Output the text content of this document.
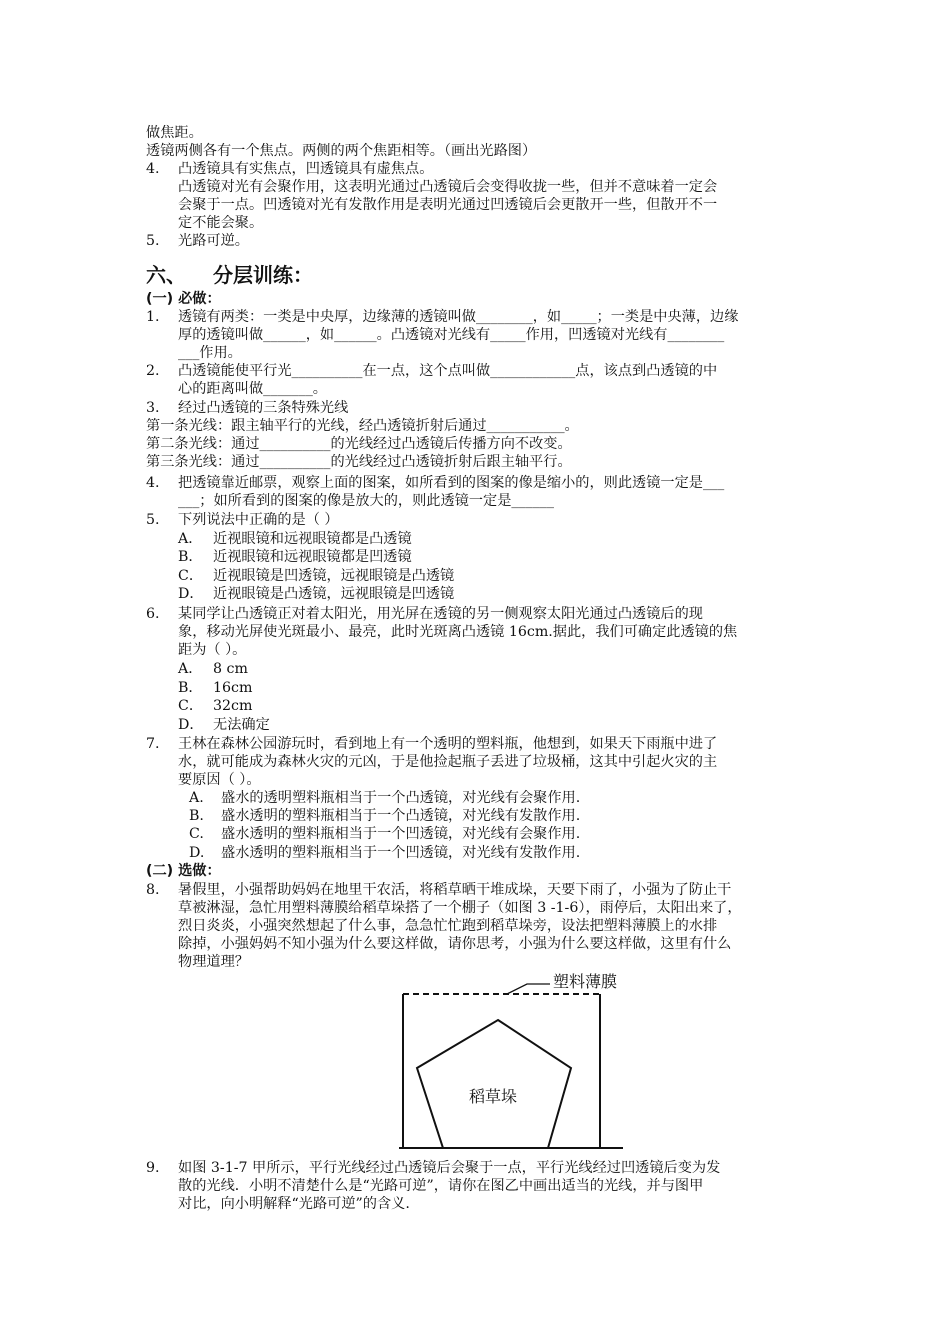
做焦距。
透镜两侧各有一个焦点。两侧的两个焦距相等。（画出光路图）
4. 凸透镜具有实焦点，凹透镜具有虚焦点。
凸透镜对光有会聚作用，这表明光通过凸透镜后会变得收拢一些，但并不意味着一定会
会聚于一点。凹透镜对光有发散作用是表明光通过凹透镜后会更散开一些，但散开不一
定不能会聚。
5. 光路可逆。
六、 分层训练：
(一) 必做：
1. 透镜有两类：一类是中央厚，边缘薄的透镜叫做________，如_____；一类是中央薄，边缘
厚的透镜叫做______，如______。凸透镜对光线有_____作用，凹透镜对光线有________
___作用。
2. 凸透镜能使平行光__________在一点，这个点叫做____________点，该点到凸透镜的中
心的距离叫做_______。
3. 经过凸透镜的三条特殊光线
第一条光线：跟主轴平行的光线，经凸透镜折射后通过___________。
第二条光线：通过__________的光线经过凸透镜后传播方向不改变。
第三条光线：通过__________的光线经过凸透镜折射后跟主轴平行。
4. 把透镜靠近邮票，观察上面的图案，如所看到的图案的像是缩小的，则此透镜一定是___
___；如所看到的图案的像是放大的，则此透镜一定是______
5. 下列说法中正确的是（ ）
A． 近视眼镜和远视眼镜都是凸透镜
B． 近视眼镜和远视眼镜都是凹透镜
C． 近视眼镜是凹透镜，远视眼镜是凸透镜
D． 近视眼镜是凸透镜，远视眼镜是凹透镜
6. 某同学让凸透镜正对着太阳光，用光屏在透镜的另一侧观察太阳光通过凸透镜后的现
象，移动光屏使光斑最小、最亮，此时光斑离凸透镜 16cm.据此，我们可确定此透镜的焦
距为（ ）。
A． 8 cm
B． 16cm
C． 32cm
D． 无法确定
7. 王林在森林公园游玩时，看到地上有一个透明的塑料瓶，他想到，如果天下雨瓶中进了
水，就可能成为森林火灾的元凶，于是他捡起瓶子丢进了垃圾桶，这其中引起火灾的主
要原因（ ）。
A. 盛水的透明塑料瓶相当于一个凸透镜，对光线有会聚作用.
B. 盛水透明的塑料瓶相当于一个凸透镜，对光线有发散作用.
C. 盛水透明的塑料瓶相当于一个凹透镜，对光线有会聚作用.
D. 盛水透明的塑料瓶相当于一个凹透镜，对光线有发散作用.
(二) 选做：
8. 暑假里，小强帮助妈妈在地里干农活，将稻草晒干堆成垛，天要下雨了，小强为了防止干
草被淋湿，急忙用塑料薄膜给稻草垛搭了一个棚子（如图 3 -1-6），雨停后，太阳出来了，
烈日炎炎，小强突然想起了什么事，急急忙忙跑到稻草垛旁，设法把塑料薄膜上的水排
除掉，小强妈妈不知小强为什么要这样做，请你思考，小强为什么要这样做，这里有什么
物理道理？
塑料薄膜
稻草垛
9. 如图 3-1-7 甲所示，平行光线经过凸透镜后会聚于一点，平行光线经过凹透镜后变为发
散的光线．小明不清楚什么是“光路可逆”，请你在图乙中画出适当的光线，并与图甲
对比，向小明解释“光路可逆”的含义.
